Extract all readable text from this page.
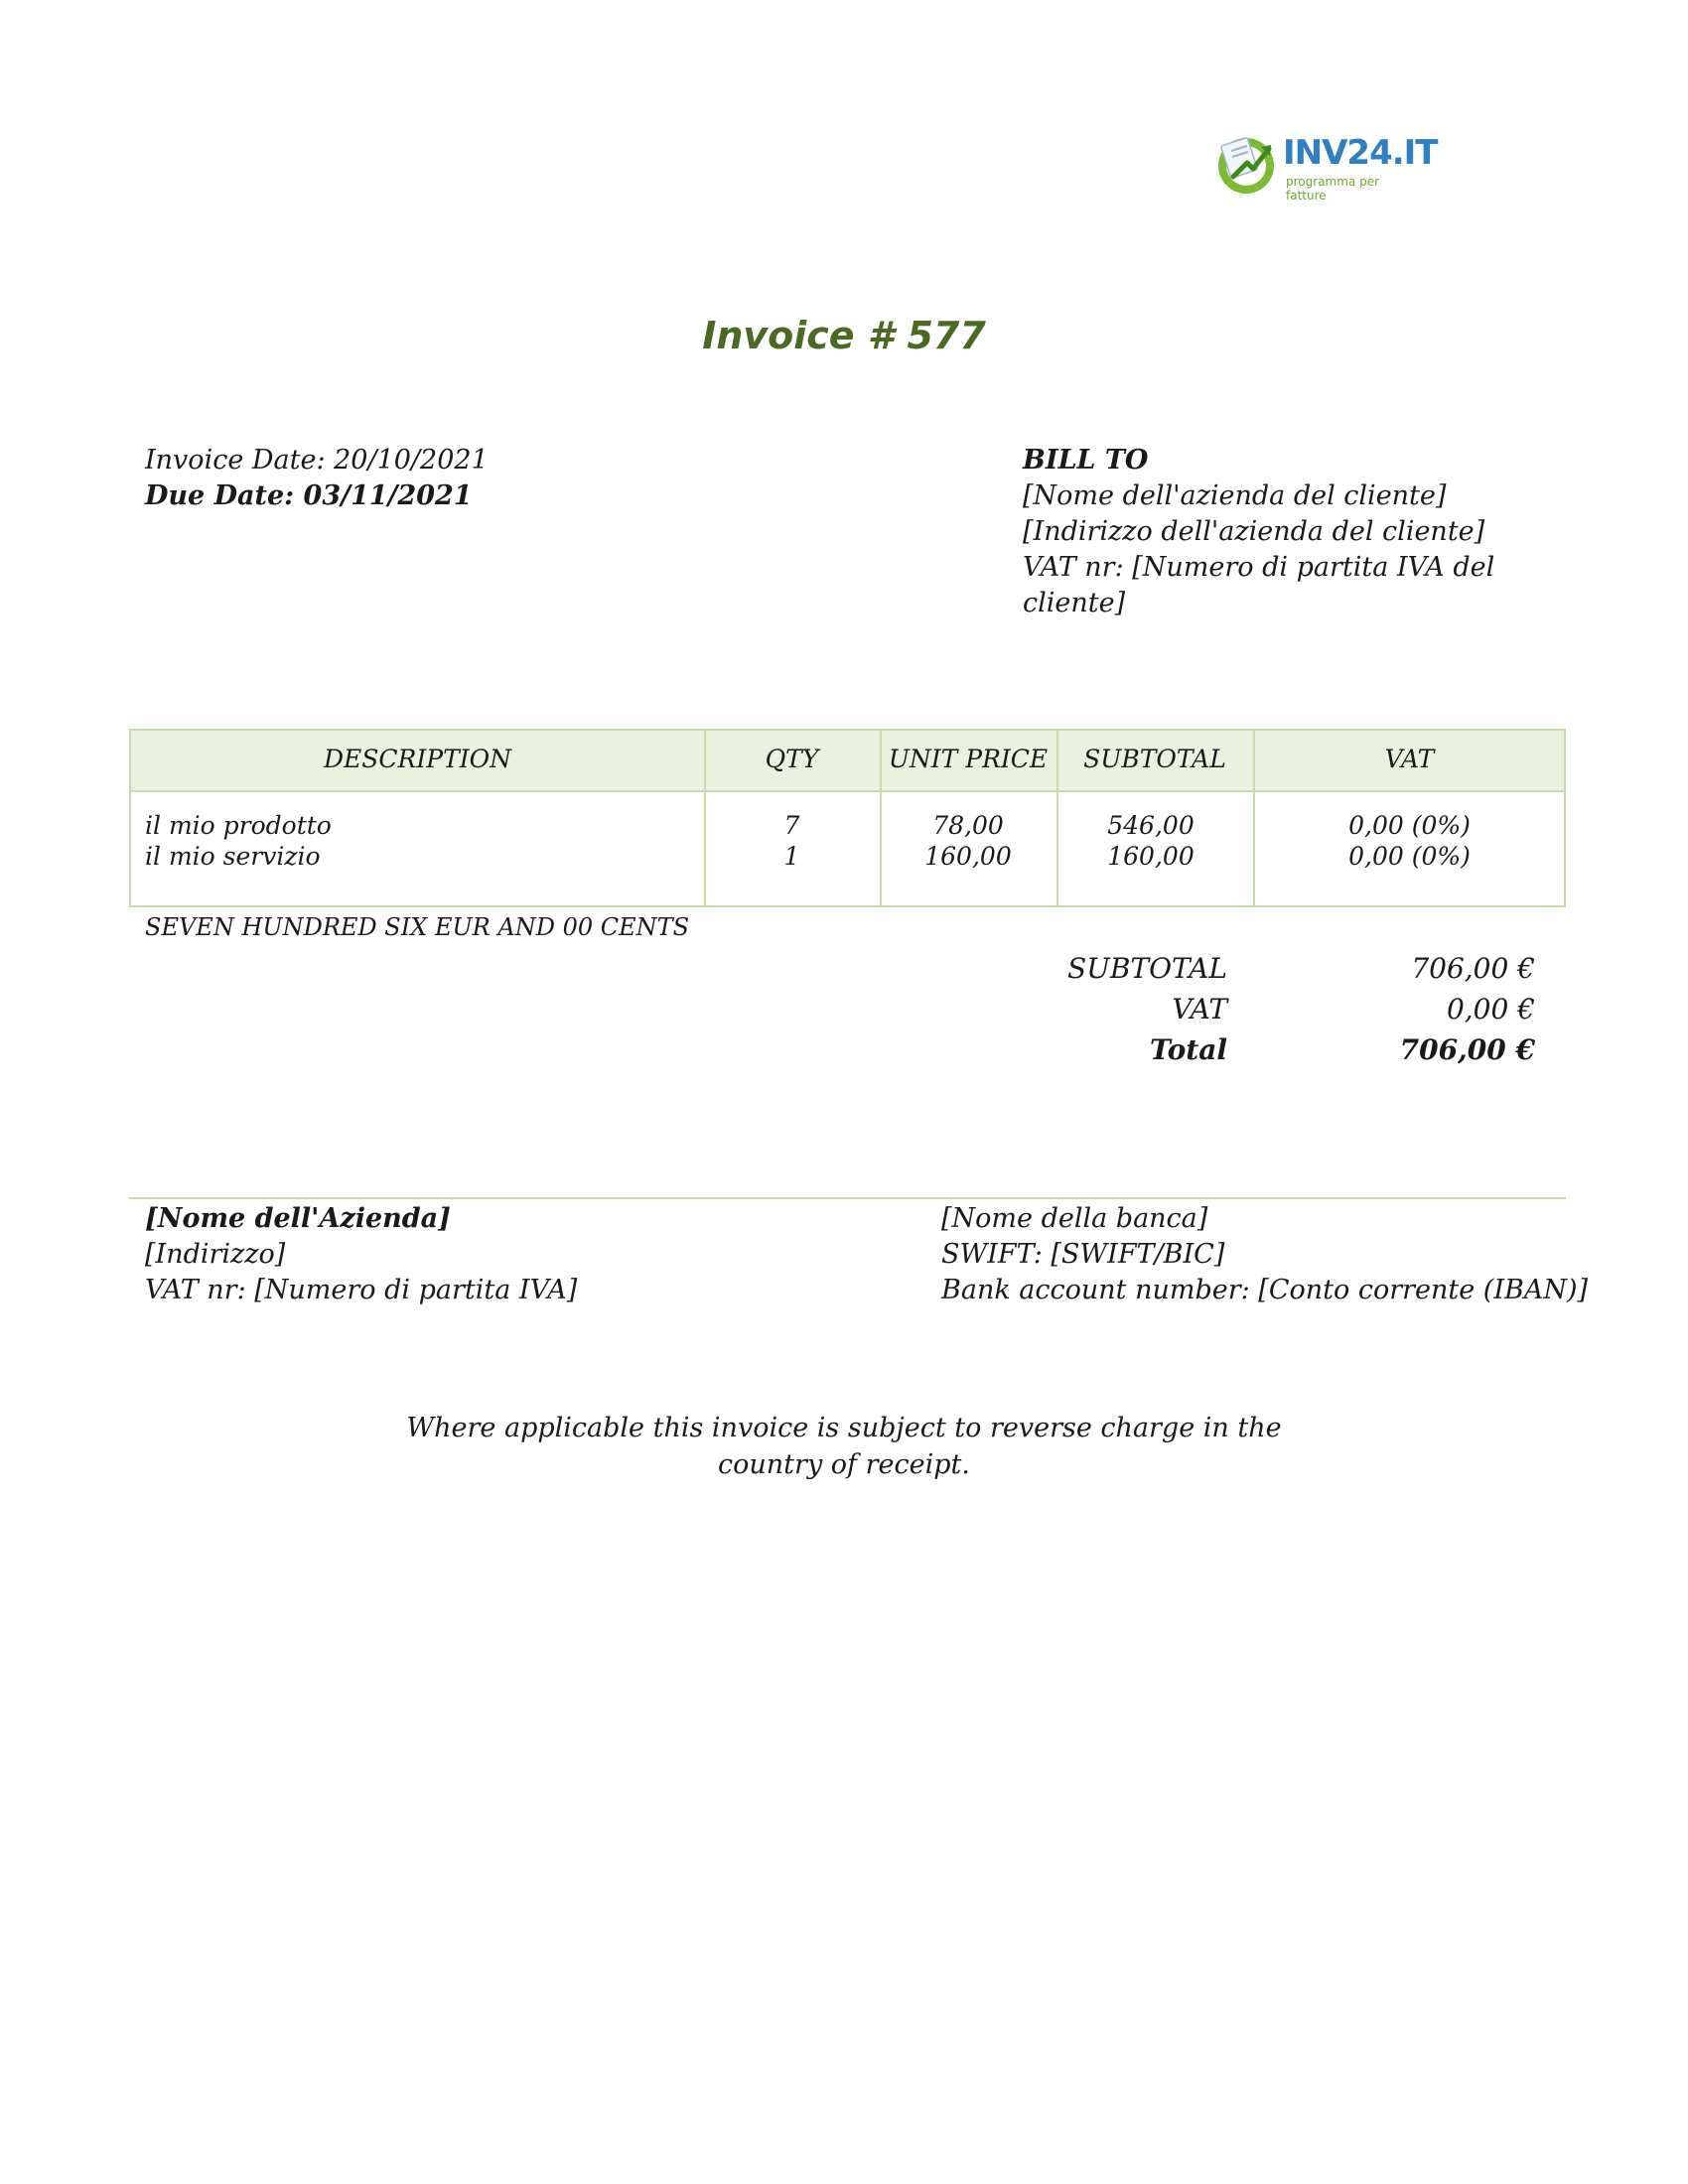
INV24.IT
programma per fatture
Invoice # 577
Invoice Date: 20/10/2021
Due Date: 03/11/2021
BILL TO
[Nome dell'azienda del cliente]
[Indirizzo dell'azienda del cliente]
VAT nr: [Numero di partita IVA del
cliente]
DESCRIPTION	QTY	UNIT PRICE	SUBTOTAL	VAT
il mio prodotto	7	78,00	546,00	0,00 (0%)
il mio servizio	1	160,00	160,00	0,00 (0%)
SEVEN HUNDRED SIX EUR AND 00 CENTS
SUBTOTAL	706,00 €
VAT	0,00 €
Total	706,00 €
[Nome dell'Azienda]
[Indirizzo]
VAT nr: [Numero di partita IVA]
[Nome della banca]
SWIFT: [SWIFT/BIC]
Bank account number: [Conto corrente (IBAN)]
Where applicable this invoice is subject to reverse charge in the
country of receipt.
